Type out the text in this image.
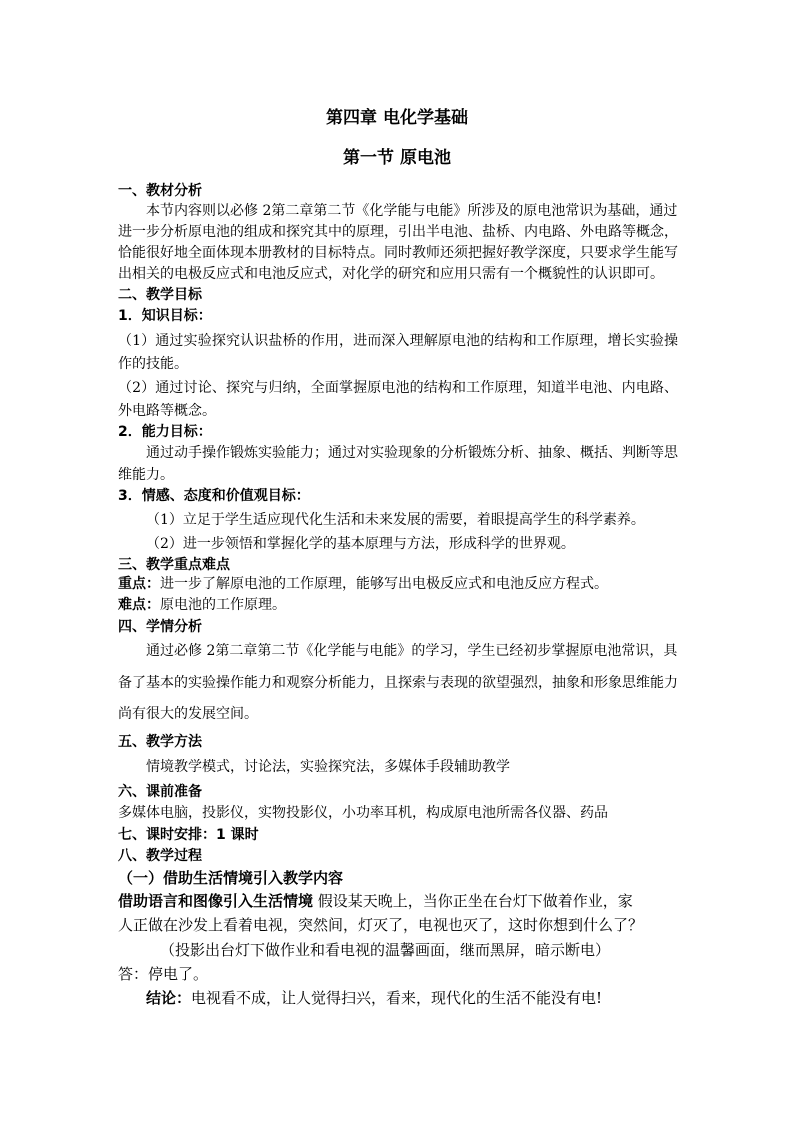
第四章 电化学基础
第一节 原电池
一、教材分析
本节内容则以必修 2第二章第二节《化学能与电能》所涉及的原电池常识为基础，通过
进一步分析原电池的组成和探究其中的原理，引出半电池、盐桥、内电路、外电路等概念，
恰能很好地全面体现本册教材的目标特点。同时教师还须把握好教学深度，只要求学生能写
出相关的电极反应式和电池反应式，对化学的研究和应用只需有一个概貌性的认识即可。
二、教学目标
1．知识目标：
（1）通过实验探究认识盐桥的作用，进而深入理解原电池的结构和工作原理，增长实验操
作的技能。
（2）通过讨论、探究与归纳，全面掌握原电池的结构和工作原理，知道半电池、内电路、
外电路等概念。
2．能力目标：
通过动手操作锻炼实验能力；通过对实验现象的分析锻炼分析、抽象、概括、判断等思
维能力。
3．情感、态度和价值观目标：
（1）立足于学生适应现代化生活和未来发展的需要，着眼提高学生的科学素养。
（2）进一步领悟和掌握化学的基本原理与方法，形成科学的世界观。
三、教学重点难点
重点：进一步了解原电池的工作原理，能够写出电极反应式和电池反应方程式。
难点：原电池的工作原理。
四、学情分析
通过必修 2第二章第二节《化学能与电能》的学习，学生已经初步掌握原电池常识，具
备了基本的实验操作能力和观察分析能力，且探索与表现的欲望强烈，抽象和形象思维能力
尚有很大的发展空间。
五、教学方法
情境教学模式，讨论法，实验探究法，多媒体手段辅助教学
六、课前准备
多媒体电脑，投影仪，实物投影仪，小功率耳机，构成原电池所需各仪器、药品
七、课时安排：1 课时
八、教学过程
（一）借助生活情境引入教学内容
借助语言和图像引入生活情境 假设某天晚上，当你正坐在台灯下做着作业，家
人正做在沙发上看着电视，突然间，灯灭了，电视也灭了，这时你想到什么了？
（投影出台灯下做作业和看电视的温馨画面，继而黑屏，暗示断电）
答：停电了。
结论：电视看不成，让人觉得扫兴，看来，现代化的生活不能没有电!
